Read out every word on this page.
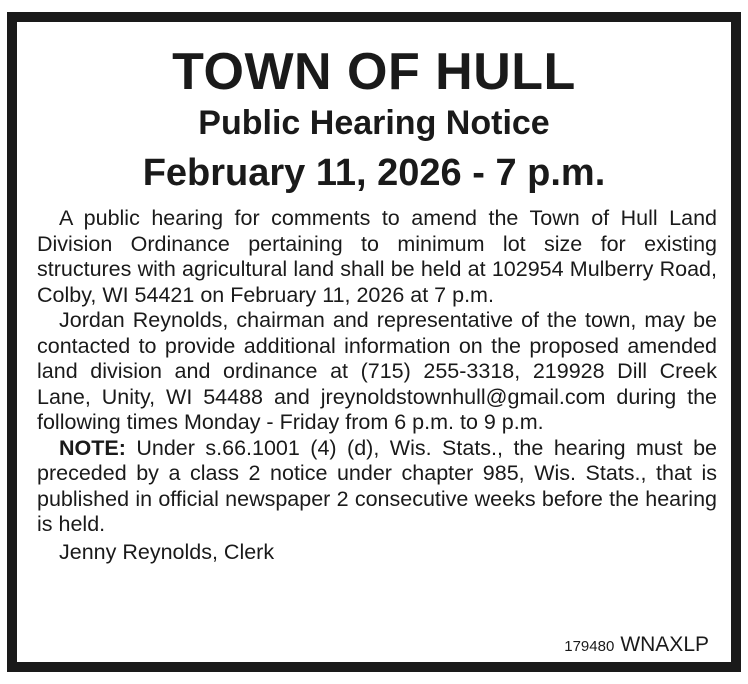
TOWN OF HULL
Public Hearing Notice
February 11, 2026 - 7 p.m.

A public hearing for comments to amend the Town of Hull Land Division Ordinance pertaining to minimum lot size for existing structures with agricultural land shall be held at 102954 Mulberry Road, Colby, WI 54421 on February 11, 2026 at 7 p.m.

Jordan Reynolds, chairman and representative of the town, may be contacted to provide additional information on the proposed amended land division and ordinance at (715) 255-3318, 219928 Dill Creek Lane, Unity, WI 54488 and jreynoldstownhull@gmail.com during the following times Monday - Friday from 6 p.m. to 9 p.m.

NOTE: Under s.66.1001 (4) (d), Wis. Stats., the hearing must be preceded by a class 2 notice under chapter 985, Wis. Stats., that is published in official newspaper 2 consecutive weeks before the hearing is held.

Jenny Reynolds, Clerk

179480 WNAXLP
